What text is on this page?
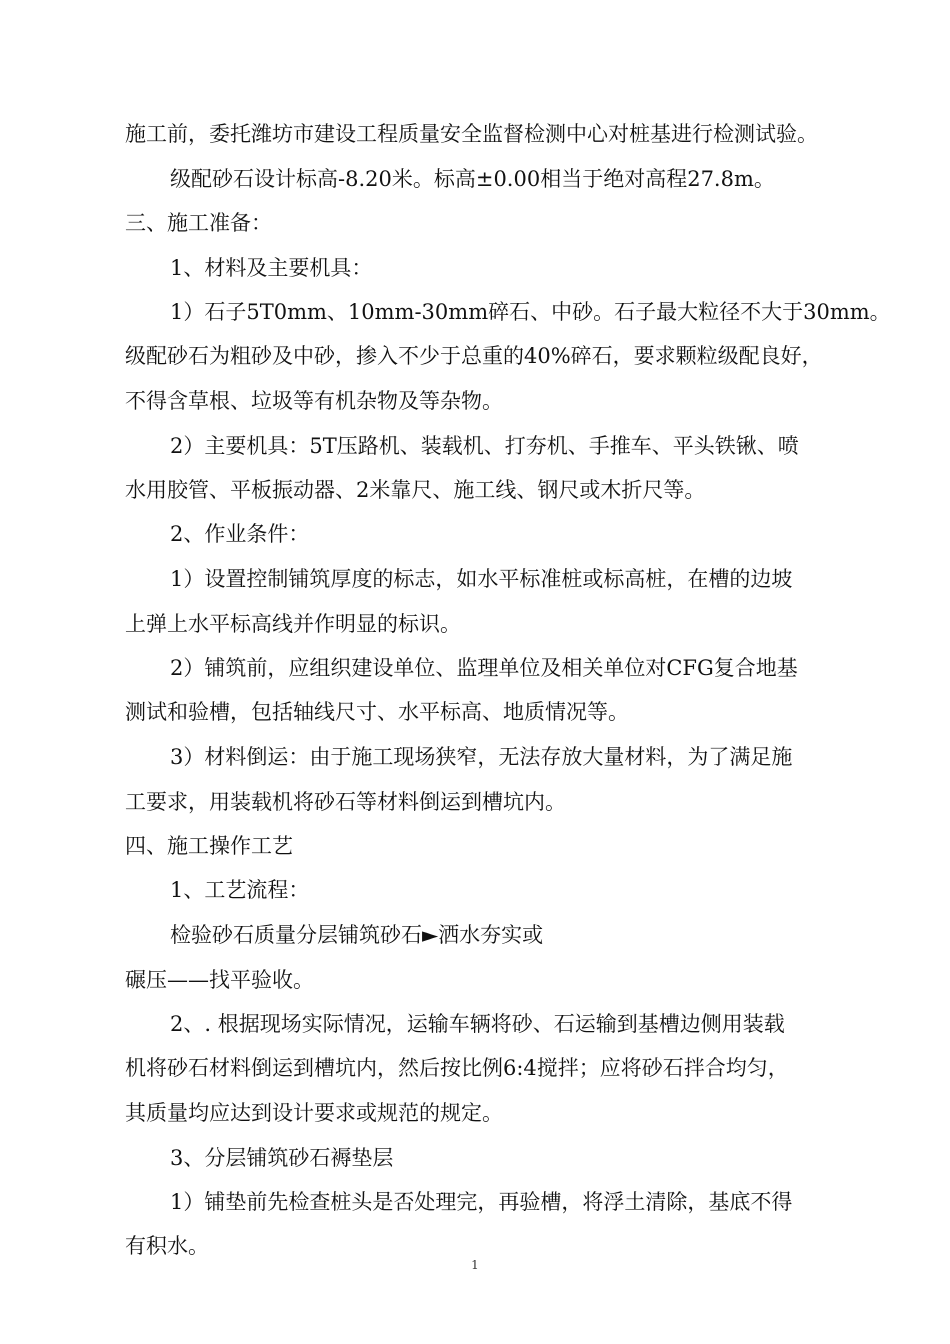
施工前，委托潍坊市建设工程质量安全监督检测中心对桩基进行检测试验。

级配砂石设计标高-8.20米。标高±0.00相当于绝对高程27.8m。

三、施工准备：

1、材料及主要机具：

1）石子5T0mm、10mm-30mm碎石、中砂。石子最大粒径不大于30mm。

级配砂石为粗砂及中砂，掺入不少于总重的40%碎石，要求颗粒级配良好，

不得含草根、垃圾等有机杂物及等杂物。

2）主要机具：5T压路机、装载机、打夯机、手推车、平头铁锹、喷

水用胶管、平板振动器、2米靠尺、施工线、钢尺或木折尺等。

2、作业条件：

1）设置控制铺筑厚度的标志，如水平标准桩或标高桩，在槽的边坡

上弹上水平标高线并作明显的标识。

2）铺筑前，应组织建设单位、监理单位及相关单位对CFG复合地基

测试和验槽，包括轴线尺寸、水平标高、地质情况等。

3）材料倒运：由于施工现场狭窄，无法存放大量材料，为了满足施

工要求，用装载机将砂石等材料倒运到槽坑内。

四、施工操作工艺

1、工艺流程：

检验砂石质量分层铺筑砂石►洒水夯实或

碾压——找平验收。

2、. 根据现场实际情况，运输车辆将砂、石运输到基槽边侧用装载

机将砂石材料倒运到槽坑内，然后按比例6:4搅拌；应将砂石拌合均匀，

其质量均应达到设计要求或规范的规定。

3、分层铺筑砂石褥垫层

1）铺垫前先检查桩头是否处理完，再验槽，将浮土清除，基底不得

有积水。

1
